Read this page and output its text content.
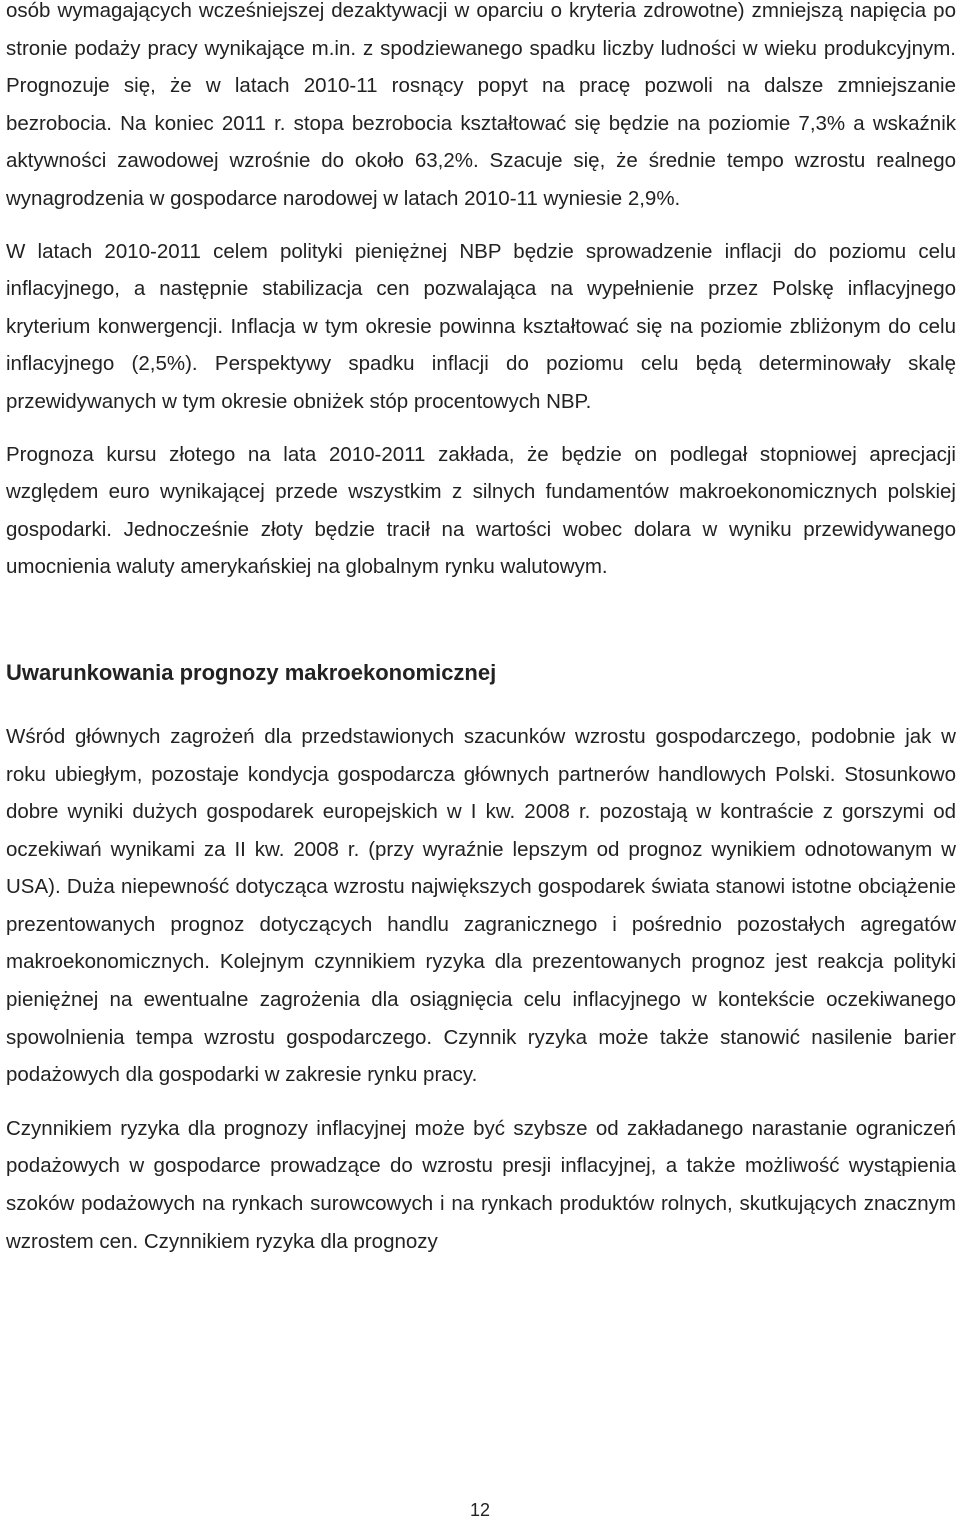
osób wymagających wcześniejszej dezaktywacji w oparciu o kryteria zdrowotne) zmniejszą napięcia po stronie podaży pracy wynikające m.in. z spodziewanego spadku liczby ludności w wieku produkcyjnym. Prognozuje się, że w latach 2010-11 rosnący popyt na pracę pozwoli na dalsze zmniejszanie bezrobocia. Na koniec 2011 r. stopa bezrobocia kształtować się będzie na poziomie 7,3% a wskaźnik aktywności zawodowej wzrośnie do około 63,2%. Szacuje się, że średnie tempo wzrostu realnego wynagrodzenia w gospodarce narodowej w latach 2010-11 wyniesie 2,9%.

W latach 2010-2011 celem polityki pieniężnej NBP będzie sprowadzenie inflacji do poziomu celu inflacyjnego, a następnie stabilizacja cen pozwalająca na wypełnienie przez Polskę inflacyjnego kryterium konwergencji. Inflacja w tym okresie powinna kształtować się na poziomie zbliżonym do celu inflacyjnego (2,5%). Perspektywy spadku inflacji do poziomu celu będą determinowały skalę przewidywanych w tym okresie obniżek stóp procentowych NBP.

Prognoza kursu złotego na lata 2010-2011 zakłada, że będzie on podlegał stopniowej aprecjacji względem euro wynikającej przede wszystkim z silnych fundamentów makroekonomicznych polskiej gospodarki. Jednocześnie złoty będzie tracił na wartości wobec dolara w wyniku przewidywanego umocnienia waluty amerykańskiej na globalnym rynku walutowym.

Uwarunkowania prognozy makroekonomicznej

Wśród głównych zagrożeń dla przedstawionych szacunków wzrostu gospodarczego, podobnie jak w roku ubiegłym, pozostaje kondycja gospodarcza głównych partnerów handlowych Polski. Stosunkowo dobre wyniki dużych gospodarek europejskich w I kw. 2008 r. pozostają w kontraście z gorszymi od oczekiwań wynikami za II kw. 2008 r. (przy wyraźnie lepszym od prognoz wynikiem odnotowanym w USA). Duża niepewność dotycząca wzrostu największych gospodarek świata stanowi istotne obciążenie prezentowanych prognoz dotyczących handlu zagranicznego i pośrednio pozostałych agregatów makroekonomicznych. Kolejnym czynnikiem ryzyka dla prezentowanych prognoz jest reakcja polityki pieniężnej na ewentualne zagrożenia dla osiągnięcia celu inflacyjnego w kontekście oczekiwanego spowolnienia tempa wzrostu gospodarczego. Czynnik ryzyka może także stanowić nasilenie barier podażowych dla gospodarki w zakresie rynku pracy.

Czynnikiem ryzyka dla prognozy inflacyjnej może być szybsze od zakładanego narastanie ograniczeń podażowych w gospodarce prowadzące do wzrostu presji inflacyjnej, a także możliwość wystąpienia szoków podażowych na rynkach surowcowych i na rynkach produktów rolnych, skutkujących znacznym wzrostem cen. Czynnikiem ryzyka dla prognozy

12
